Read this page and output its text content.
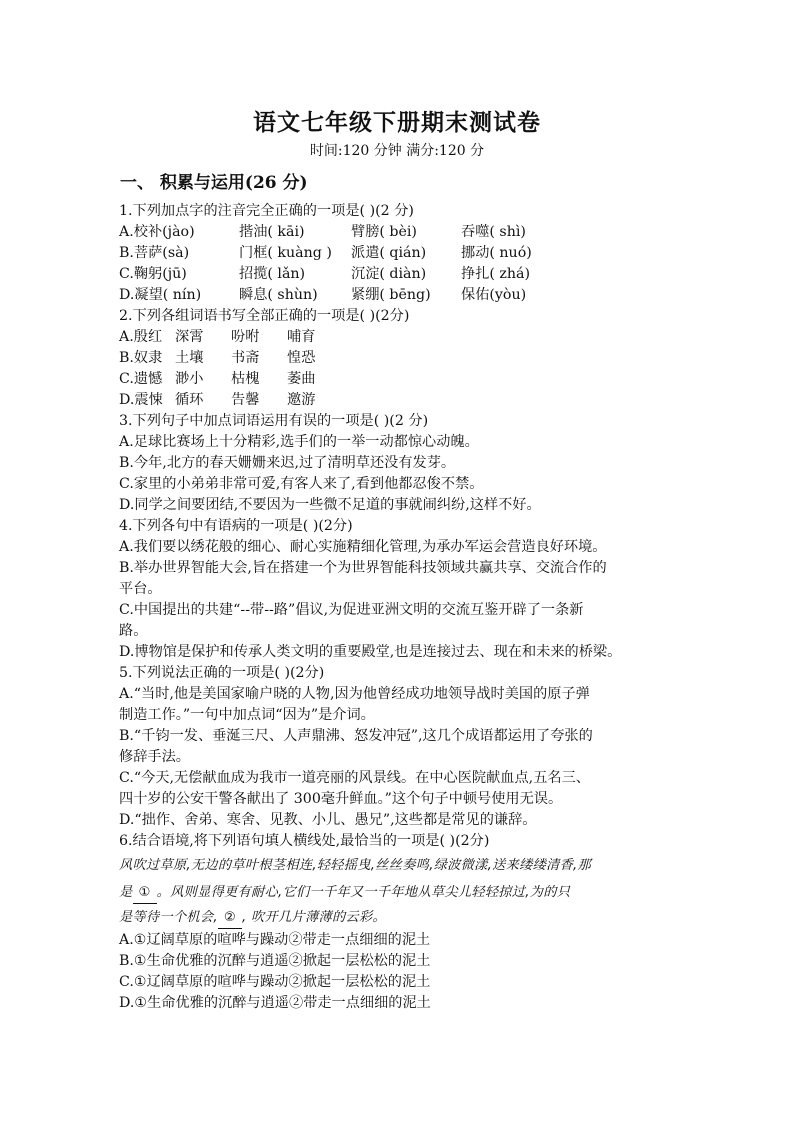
语文七年级下册期末测试卷
时间:120 分钟 满分:120 分
一、 积累与运用(26 分)
1.下列加点字的注音完全正确的一项是( )(2 分)
A.校补(jào)	揩油( kāi)	臂膀( bèi)	吞噬( shì)
B.菩萨(sà)	门框( kuàng ) 派遣( qián) 挪动( nuó)
C.鞠躬(jū)	招揽( lǎn)	沉淀( diàn) 挣扎( zhá)
D.凝望( nín)	瞬息( shùn) 紧绷( bēng) 保佑(yòu)
2.下列各组词语书写全部正确的一项是( )(2分)
A.殷红 深霄 吩咐 哺育
B.奴隶 土壤 书斋 惶恐
C.遗憾 渺小 枯槐 萎曲
D.震悚 循环 告馨 邀游
3.下列句子中加点词语运用有误的一项是( )(2 分)
A.足球比赛场上十分精彩,选手们的一举一动都惊心动魄。
B.今年,北方的春天姗姗来迟,过了清明草还没有发芽。
C.家里的小弟弟非常可爱,有客人来了,看到他都忍俊不禁。
D.同学之间要团结,不要因为一些微不足道的事就闹纠纷,这样不好。
4.下列各句中有语病的一项是( )(2分)
A.我们要以绣花般的细心、耐心实施精细化管理,为承办军运会营造良好环境。
B.举办世界智能大会,旨在搭建一个为世界智能科技领域共赢共享、交流合作的
平台。
C.中国提出的共建“--带--路”倡议,为促进亚洲文明的交流互鉴开辟了一条新
路。
D.博物馆是保护和传承人类文明的重要殿堂,也是连接过去、现在和未来的桥梁。
5.下列说法正确的一项是( )(2分)
A.“当时,他是美国家喻户晓的人物,因为他曾经成功地领导战时美国的原子弹
制造工作。”一句中加点词“因为”是介词。
B.“千钧一发、垂涎三尺、人声鼎沸、怒发冲冠”,这几个成语都运用了夸张的
修辞手法。
C.“今天,无偿献血成为我市一道亮丽的风景线。在中心医院献血点,五名三、
四十岁的公安干警各献出了 300毫升鲜血。”这个句子中顿号使用无误。
D.“拙作、舍弟、寒舍、见教、小儿、愚兄”,这些都是常见的谦辞。
6.结合语境,将下列语句填人横线处,最恰当的一项是( )(2分)
风吹过草原,无边的草叶根茎相连,轻轻摇曳,丝丝奏鸣,绿波微漾,送来缕缕清香,那
是 ① 。风则显得更有耐心,它们一千年又一千年地从草尖儿轻轻掠过,为的只
是等待一个机会, ② , 吹开几片薄薄的云彩。
A.①辽阔草原的喧哗与躁动②带走一点细细的泥土
B.①生命优雅的沉醉与逍遥②掀起一层松松的泥土
C.①辽阔草原的喧哗与躁动②掀起一层松松的泥土
D.①生命优雅的沉醉与逍遥②带走一点细细的泥土
